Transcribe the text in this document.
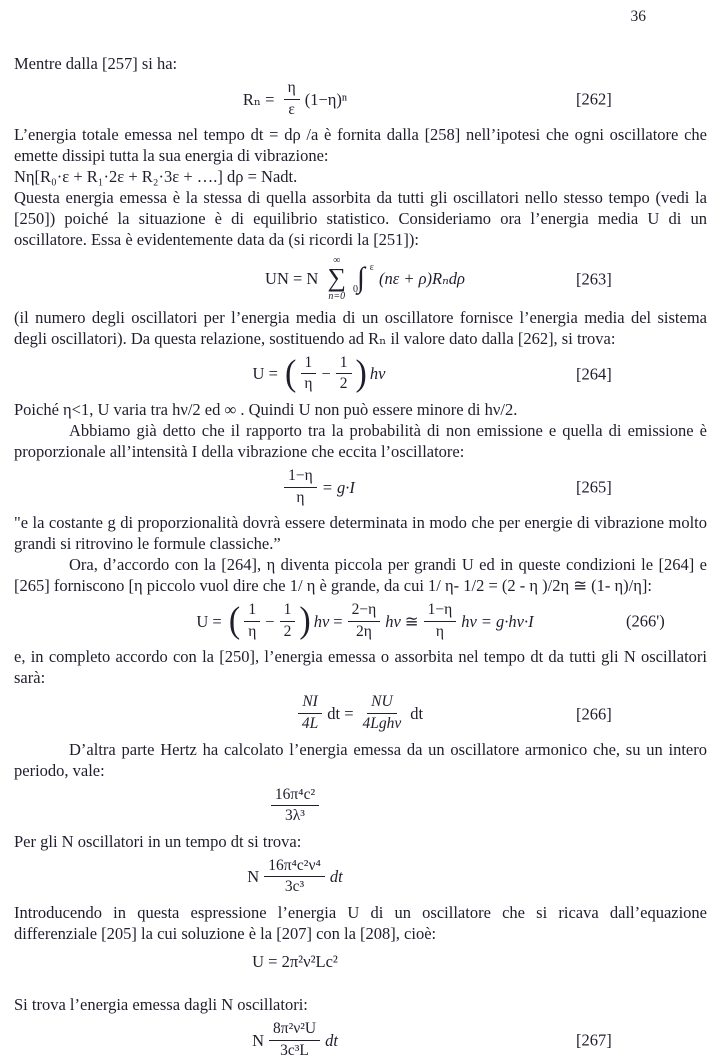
36

Mentre dalla [257] si ha:

$R_n = \frac{\eta}{\varepsilon} (1-\eta)^n$	[262]

L’energia totale emessa nel tempo dt = dρ /a è fornita dalla [258] nell’ipotesi che ogni oscillatore che emette dissipi tutta la sua energia di vibrazione:

Nη[R₀·ε + R₁·2ε + R₂·3ε + ….] dρ = Nadt.

Questa energia emessa è la stessa di quella assorbita da tutti gli oscillatori nello stesso tempo (vedi la [250]) poiché la situazione è di equilibrio statistico. Consideriamo ora l’energia media U di un oscillatore. Essa è evidentemente data da (si ricordi la [251]):

UN = N
∞
∑
n=0
ε
∫
0
(nε + ρ)Rₙdρ	[263]

(il numero degli oscillatori per l’energia media di un oscillatore fornisce l’energia media del sistema degli oscillatori). Da questa relazione, sostituendo ad Rₙ il valore dato dalla [262], si trova:

U = ( $\frac{1}{\eta} - \frac{1}{2}$ ) hν	[264]

Poiché η<1, U varia tra hν/2 ed ∞ . Quindi U non può essere minore di hν/2.

Abbiamo già detto che il rapporto tra la probabilità di non emissione e quella di emissione è proporzionale all’intensità I della vibrazione che eccita l’oscillatore:

$\frac{1-\eta}{\eta} = g\cdot I$	[265]

"e la costante g di proporzionalità dovrà essere determinata in modo che per energie di vibrazione molto grandi si ritrovino le formule classiche.”

Ora, d’accordo con la [264], η diventa piccola per grandi U ed in queste condizioni le [264] e [265] forniscono [η piccolo vuol dire che 1/ η è grande, da cui 1/ η- 1/2 = (2 - η )/2η ≅ (1- η)/η]:

U = ( $\frac{1}{\eta} - \frac{1}{2}$ ) $h\nu = \frac{2-\eta}{2\eta}$ hν ≅ $\frac{1-\eta}{\eta}$ hν = g·hν·I	(266')

e, in completo accordo con la [250], l’energia emessa o assorbita nel tempo dt da tutti gli N oscillatori sarà:

$\frac{NI}{4L}$ dt = $\frac{NU}{\text{4Lghν}}$ dt	[266]

D’altra parte Hertz ha calcolato l’energia emessa da un oscillatore armonico che, su un intero periodo, vale:

$\frac{\text{16π⁴c²}}{\text{3λ³}}$

Per gli N oscillatori in un tempo dt si trova:

N $\frac{\text{16π⁴c²ν⁴}}{\text{3c³}}$ dt

Introducendo in questa espressione l’energia U di un oscillatore che si ricava dall’equazione differenziale [205] la cui soluzione è la [207] con la [208], cioè:

U = 2π²ν²Lc²

Si trova l’energia emessa dagli N oscillatori:

N $\frac{\text{8π²ν²U}}{\text{3c³L}}$ dt	[267]
